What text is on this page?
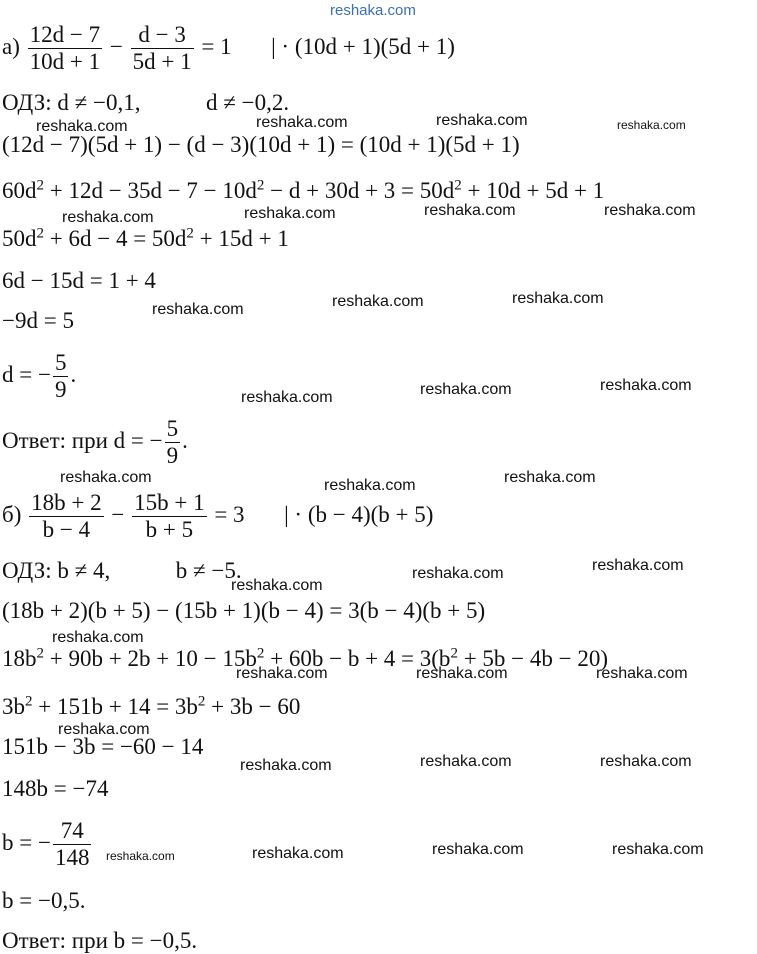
reshaka.com
$а) \frac{12d - 7}{10d + 1} - \frac{d - 3}{5d + 1} = 1$ | · (10d + 1)(5d + 1)
ОДЗ: d ≠ −0,1,	d ≠ −0,2.
(12d − 7)(5d + 1) − (d − 3)(10d + 1) = (10d + 1)(5d + 1)
$60d^2 + 12d - 35d - 7 - 10d^2 - d + 30d + 3 = 50d^2 + 10d + 5d + 1$
$50d^2 + 6d - 4 = 50d^2 + 15d + 1$
6d − 15d = 1 + 4
−9d = 5
d = − $\frac{5}{9}$ .
Ответ: при d = − $\frac{5}{9}$ .
$б) \frac{18b + 2}{b - 4} - \frac{15b + 1}{b + 5} = 3$ | · (b − 4)(b + 5)
ОДЗ: b ≠ 4,	b ≠ −5.
(18b + 2)(b + 5) − (15b + 1)(b − 4) = 3(b − 4)(b + 5)
$18b^2 + 90b + 2b + 10 - 15b^2 + 60b - b + 4 = 3(b^2 + 5b - 4b - 20)$
$3b^2 + 151b + 14 = 3b^2 + 3b - 60$
151b − 3b = −60 − 14
148b = −74
b = − $\frac{74}{148}$
b = −0,5.
Ответ: при b = −0,5.
reshaka.com	reshaka.com	reshaka.com	reshaka.com
reshaka.com	reshaka.com	reshaka.com	reshaka.com
reshaka.com	reshaka.com	reshaka.com
reshaka.com	reshaka.com	reshaka.com
reshaka.com	reshaka.com	reshaka.com
reshaka.com
reshaka.com	reshaka.com
reshaka.com
reshaka.com	reshaka.com	reshaka.com
reshaka.com
reshaka.com	reshaka.com	reshaka.com
reshaka.com	reshaka.com	reshaka.com	reshaka.com
